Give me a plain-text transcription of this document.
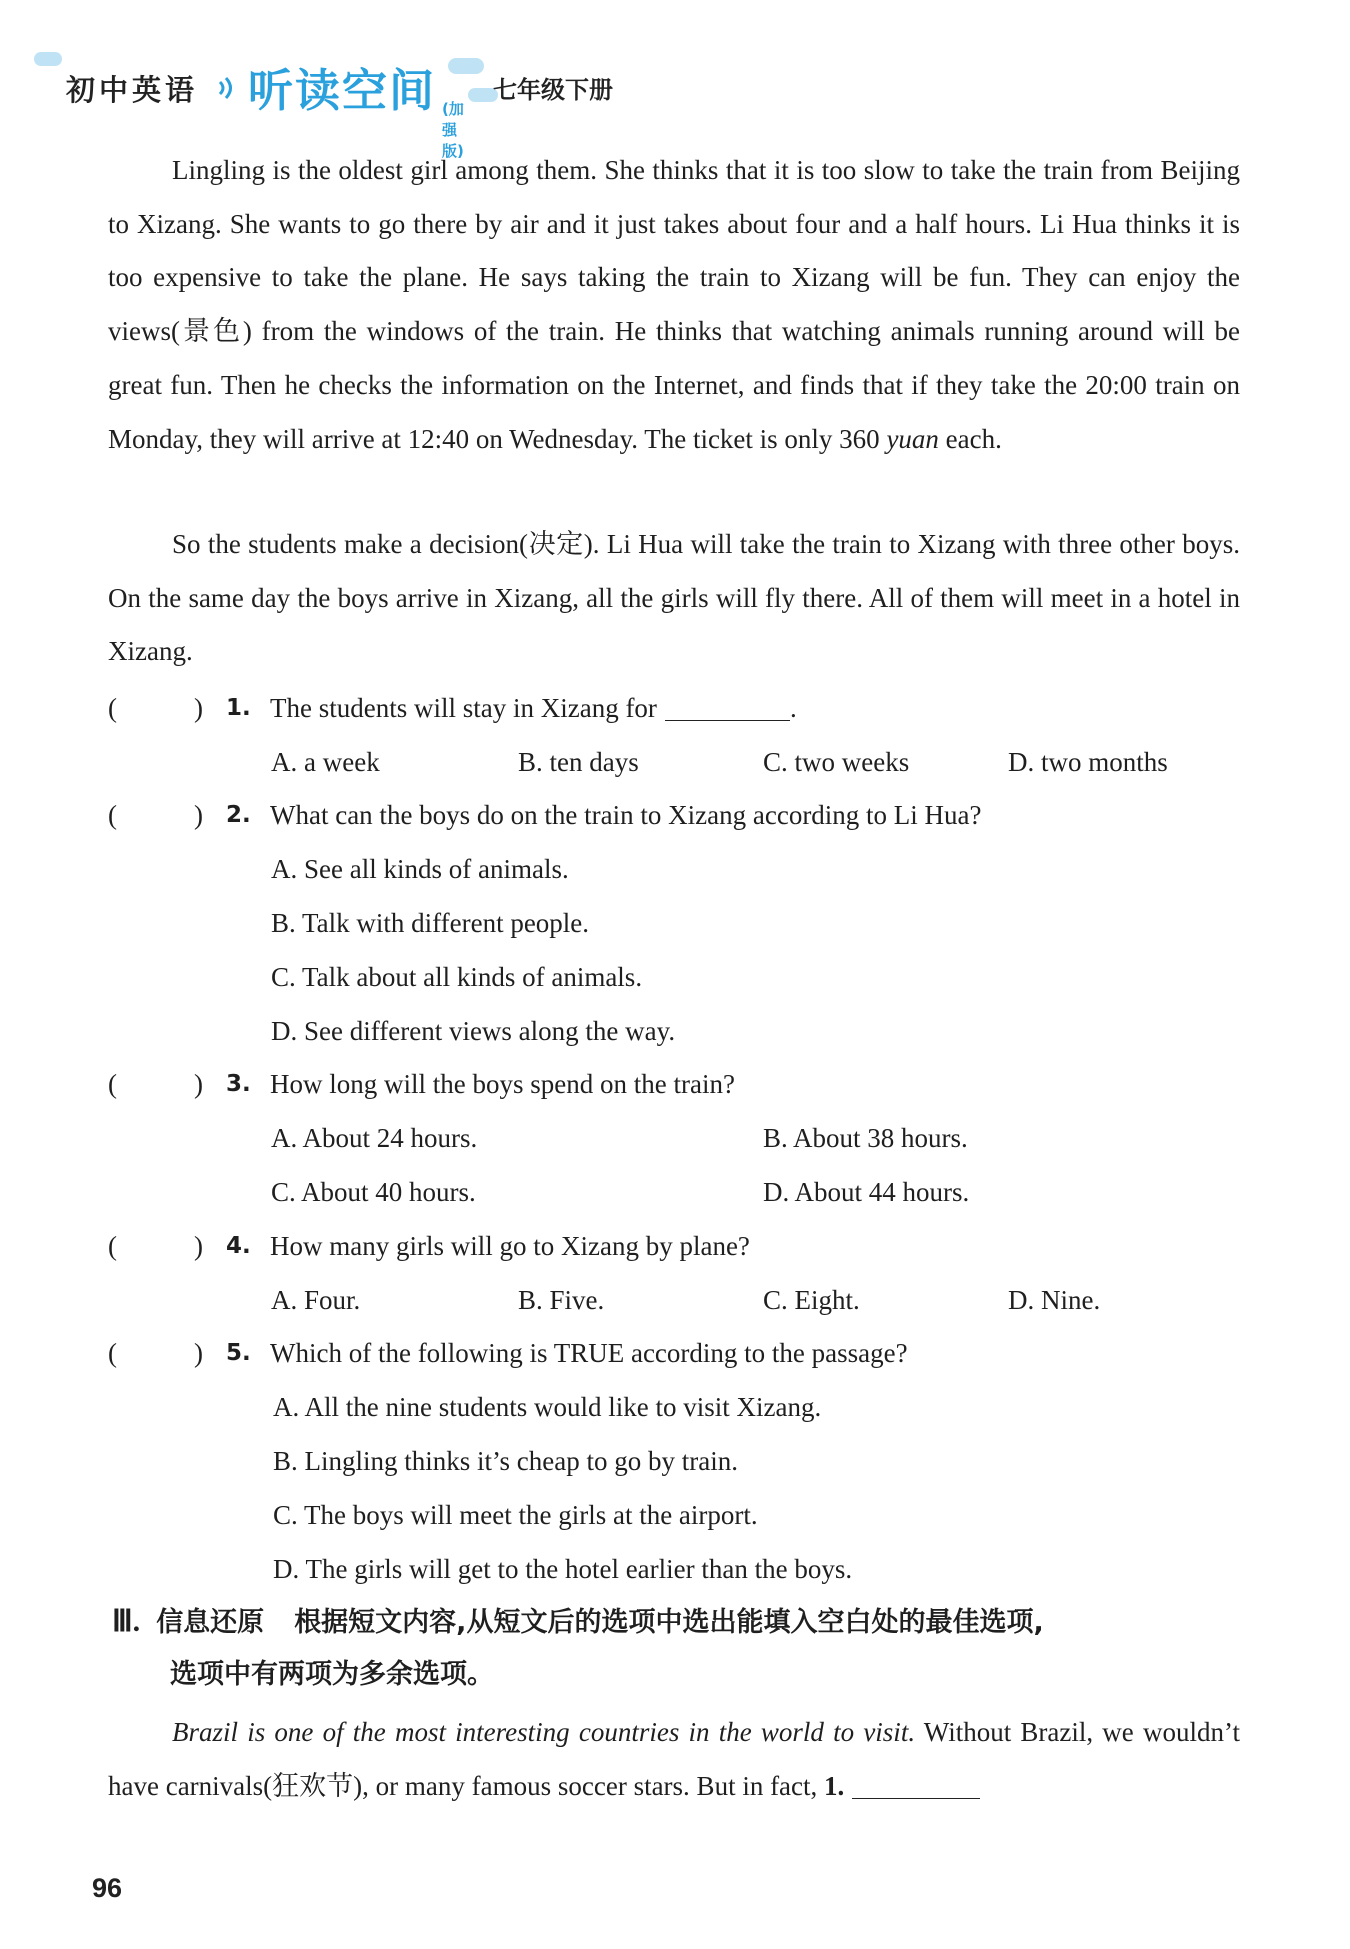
初中英语 听读空间 (加强版)
七年级下册

Lingling is the oldest girl among them. She thinks that it is too slow to take the train from Beijing to Xizang. She wants to go there by air and it just takes about four and a half hours. Li Hua thinks it is too expensive to take the plane. He says taking the train to Xizang will be fun. They can enjoy the views(景色) from the windows of the train. He thinks that watching animals running around will be great fun. Then he checks the information on the Internet, and finds that if they take the 20:00 train on Monday, they will arrive at 12:40 on Wednesday. The ticket is only 360 yuan each.

So the students make a decision(决定). Li Hua will take the train to Xizang with three other boys. On the same day the boys arrive in Xizang, all the girls will fly there. All of them will meet in a hotel in Xizang.

(	) 1. The students will stay in Xizang for	.
A. a week	B. ten days	C. two weeks	D. two months
(	) 2. What can the boys do on the train to Xizang according to Li Hua?
A. See all kinds of animals.
B. Talk with different people.
C. Talk about all kinds of animals.
D. See different views along the way.
(	) 3. How long will the boys spend on the train?
A. About 24 hours.	B. About 38 hours.
C. About 40 hours.	D. About 44 hours.
(	) 4. How many girls will go to Xizang by plane?
A. Four.	B. Five.	C. Eight.	D. Nine.
(	) 5. Which of the following is TRUE according to the passage?
A. All the nine students would like to visit Xizang.
B. Lingling thinks it’s cheap to go by train.
C. The boys will meet the girls at the airport.
D. The girls will get to the hotel earlier than the boys.
Ⅲ. 信息还原 根据短文内容,从短文后的选项中选出能填入空白处的最佳选项,
选项中有两项为多余选项。

Brazil is one of the most interesting countries in the world to visit. Without Brazil, we wouldn’t have carnivals(狂欢节), or many famous soccer stars. But in fact, 1.

96
